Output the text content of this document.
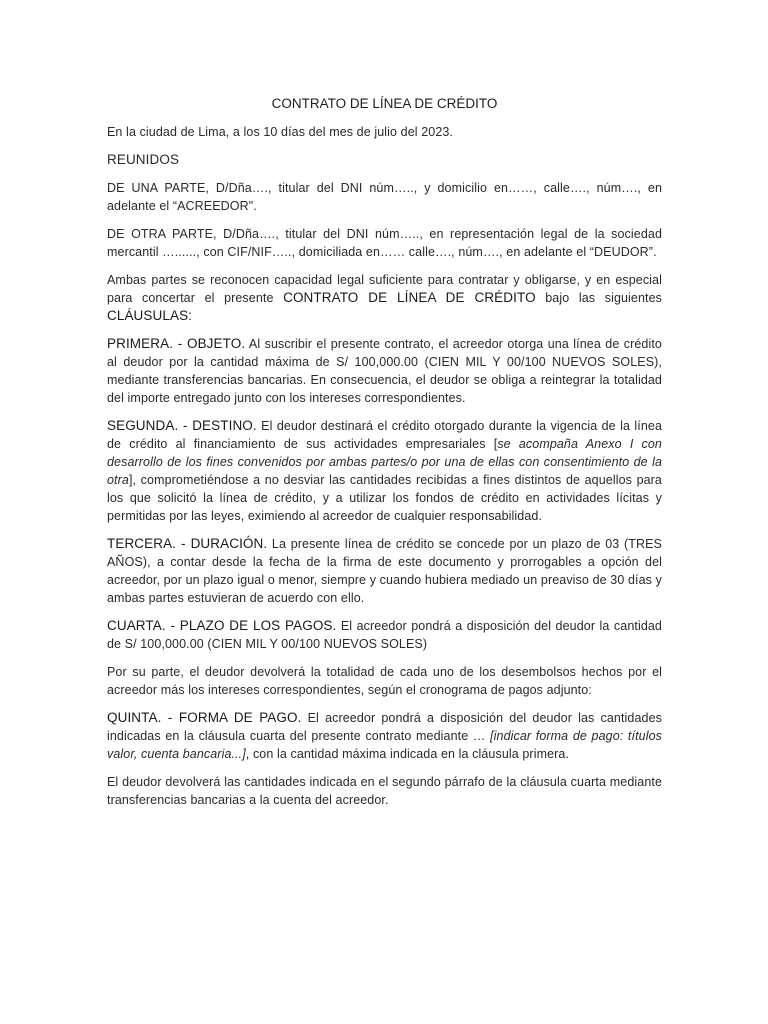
CONTRATO DE LÍNEA DE CRÉDITO

En la ciudad de Lima, a los 10 días del mes de julio del 2023.

REUNIDOS

DE UNA PARTE, D/Dña…., titular del DNI núm….., y domicilio en……, calle…., núm…., en adelante el “ACREEDOR".

DE OTRA PARTE, D/Dña…., titular del DNI núm….., en representación legal de la sociedad mercantil …......, con CIF/NIF….., domiciliada en…… calle…., núm…., en adelante el “DEUDOR”.

Ambas partes se reconocen capacidad legal suficiente para contratar y obligarse, y en especial para concertar el presente CONTRATO DE LÍNEA DE CRÉDITO bajo las siguientes CLÁUSULAS:

PRIMERA. - OBJETO. Al suscribir el presente contrato, el acreedor otorga una línea de crédito al deudor por la cantidad máxima de S/ 100,000.00 (CIEN MIL Y 00/100 NUEVOS SOLES), mediante transferencias bancarias. En consecuencia, el deudor se obliga a reintegrar la totalidad del importe entregado junto con los intereses correspondientes.

SEGUNDA. - DESTINO. El deudor destinará el crédito otorgado durante la vigencia de la línea de crédito al financiamiento de sus actividades empresariales [se acompaña Anexo I con desarrollo de los fines convenidos por ambas partes/o por una de ellas con consentimiento de la otra], comprometiéndose a no desviar las cantidades recibidas a fines distintos de aquellos para los que solicitó la línea de crédito, y a utilizar los fondos de crédito en actividades lícitas y permitidas por las leyes, eximiendo al acreedor de cualquier responsabilidad.

TERCERA. - DURACIÓN. La presente línea de crédito se concede por un plazo de 03 (TRES AÑOS), a contar desde la fecha de la firma de este documento y prorrogables a opción del acreedor, por un plazo igual o menor, siempre y cuando hubiera mediado un preaviso de 30 días y ambas partes estuvieran de acuerdo con ello.

CUARTA. - PLAZO DE LOS PAGOS. El acreedor pondrá a disposición del deudor la cantidad de S/ 100,000.00 (CIEN MIL Y 00/100 NUEVOS SOLES)

Por su parte, el deudor devolverá la totalidad de cada uno de los desembolsos hechos por el acreedor más los intereses correspondientes, según el cronograma de pagos adjunto:

QUINTA. - FORMA DE PAGO. El acreedor pondrá a disposición del deudor las cantidades indicadas en la cláusula cuarta del presente contrato mediante … [indicar forma de pago: títulos valor, cuenta bancaria...], con la cantidad máxima indicada en la cláusula primera.

El deudor devolverá las cantidades indicada en el segundo párrafo de la cláusula cuarta mediante transferencias bancarias a la cuenta del acreedor.
